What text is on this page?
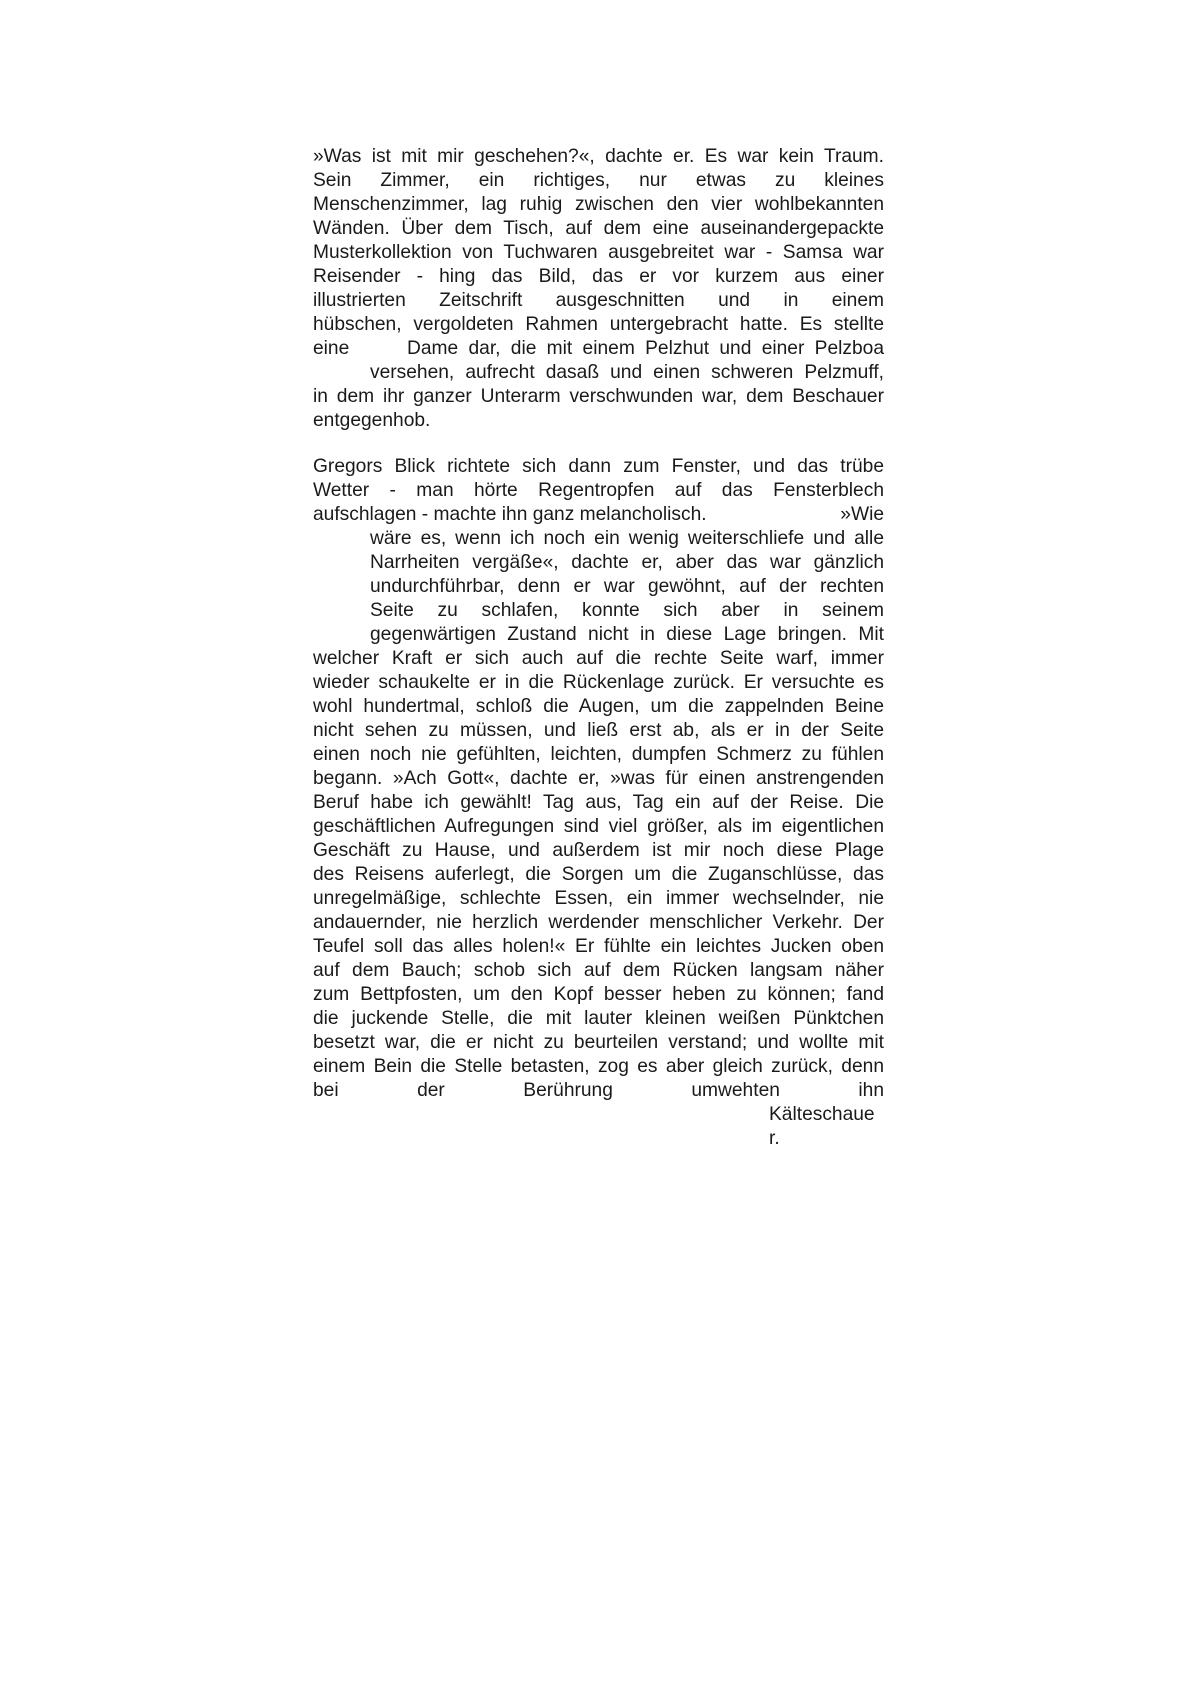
»Was ist mit mir geschehen?«, dachte er. Es war kein Traum.
Sein Zimmer, ein richtiges, nur etwas zu kleines
Menschenzimmer, lag ruhig zwischen den vier wohlbekannten
Wänden. Über dem Tisch, auf dem eine auseinandergepackte
Musterkollektion von Tuchwaren ausgebreitet war - Samsa war
Reisender - hing das Bild, das er vor kurzem aus einer
illustrierten Zeitschrift ausgeschnitten und in einem
hübschen, vergoldeten Rahmen untergebracht hatte. Es stellte
eine	Dame dar, die mit einem Pelzhut und einer Pelzboa
versehen, aufrecht dasaß und einen schweren Pelzmuff,
in dem ihr ganzer Unterarm verschwunden war, dem Beschauer
entgegenhob.
Gregors Blick richtete sich dann zum Fenster, und das trübe
Wetter - man hörte Regentropfen auf das Fensterblech
aufschlagen - machte ihn ganz melancholisch.	»Wie
wäre es, wenn ich noch ein wenig weiterschliefe und alle
Narrheiten vergäße«, dachte er, aber das war gänzlich
undurchführbar, denn er war gewöhnt, auf der rechten
Seite zu schlafen, konnte sich aber in seinem
gegenwärtigen Zustand nicht in diese Lage bringen. Mit
welcher Kraft er sich auch auf die rechte Seite warf, immer
wieder schaukelte er in die Rückenlage zurück. Er versuchte es
wohl hundertmal, schloß die Augen, um die zappelnden Beine
nicht sehen zu müssen, und ließ erst ab, als er in der Seite
einen noch nie gefühlten, leichten, dumpfen Schmerz zu fühlen
begann. »Ach Gott«, dachte er, »was für einen anstrengenden
Beruf habe ich gewählt! Tag aus, Tag ein auf der Reise. Die
geschäftlichen Aufregungen sind viel größer, als im eigentlichen
Geschäft zu Hause, und außerdem ist mir noch diese Plage
des Reisens auferlegt, die Sorgen um die Zuganschlüsse, das
unregelmäßige, schlechte Essen, ein immer wechselnder, nie
andauernder, nie herzlich werdender menschlicher Verkehr. Der
Teufel soll das alles holen!« Er fühlte ein leichtes Jucken oben
auf dem Bauch; schob sich auf dem Rücken langsam näher
zum Bettpfosten, um den Kopf besser heben zu können; fand
die juckende Stelle, die mit lauter kleinen weißen Pünktchen
besetzt war, die er nicht zu beurteilen verstand; und wollte mit
einem Bein die Stelle betasten, zog es aber gleich zurück, denn
bei der Berührung umwehten ihn
Kälteschaue
r.
